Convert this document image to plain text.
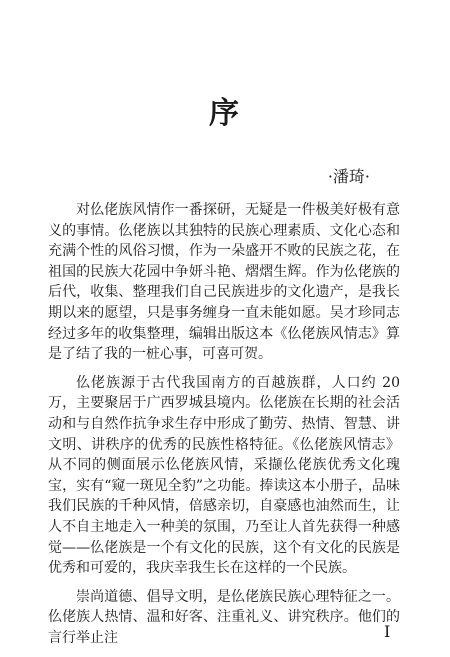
序
·潘琦·

对仫佬族风情作一番探研，无疑是一件极美好极有意义的事情。仫佬族以其独特的民族心理素质、文化心态和充满个性的风俗习惯，作为一朵盛开不败的民族之花，在祖国的民族大花园中争妍斗艳、熠熠生辉。作为仫佬族的后代，收集、整理我们自己民族进步的文化遗产，是我长期以来的愿望，只是事务缠身一直未能如愿。吴才珍同志经过多年的收集整理，编辑出版这本《仫佬族风情志》算是了结了我的一桩心事，可喜可贺。

仫佬族源于古代我国南方的百越族群，人口约 20 万，主要聚居于广西罗城县境内。仫佬族在长期的社会活动和与自然作抗争求生存中形成了勤劳、热情、智慧、讲文明、讲秩序的优秀的民族性格特征。《仫佬族风情志》从不同的侧面展示仫佬族风情，采撷仫佬族优秀文化瑰宝，实有“窥一斑见全豹”之功能。捧读这本小册子，品味我们民族的千种风情，倍感亲切，自豪感也油然而生，让人不自主地走入一种美的氛围，乃至让人首先获得一种感觉——仫佬族是一个有文化的民族，这个有文化的民族是优秀和可爱的，我庆幸我生长在这样的一个民族。

崇尚道德、倡导文明，是仫佬族民族心理特征之一。仫佬族人热情、温和好客、注重礼义、讲究秩序。他们的言行举止注	I
